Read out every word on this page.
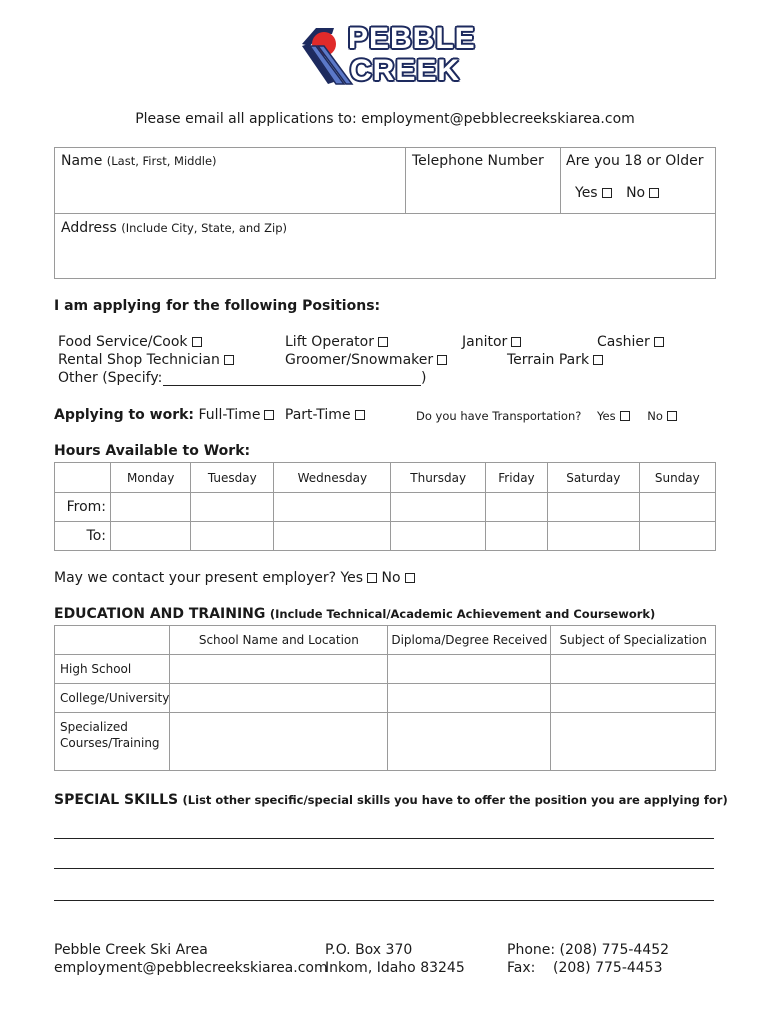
PEBBLE
CREEK
Please email all applications to: employment@pebblecreekskiarea.com
Name (Last, First, Middle)	Telephone Number	Are you 18 or Older
Yes No

Address (Include City, State, and Zip)
I am applying for the following Positions:
Food Service/Cook	Lift Operator	Janitor	Cashier
Rental Shop Technician	Groomer/Snowmaker	Terrain Park
Other (Specify:	)
Applying to work: Full-Time Part-Time	Do you have Transportation? Yes	No
Hours Available to Work:
	Monday	Tuesday	Wednesday	Thursday	Friday	Saturday	Sunday
From:							
To:							
May we contact your present employer? Yes No
EDUCATION AND TRAINING (Include Technical/Academic Achievement and Coursework)
	School Name and Location	Diploma/Degree Received	Subject of Specialization
High School			
College/University			
Specialized Courses/Training			
SPECIAL SKILLS (List other specific/special skills you have to offer the position you are applying for)
Pebble Creek Ski Area
employment@pebblecreekskiarea.com
P.O. Box 370
Inkom, Idaho 83245
Phone: (208) 775-4452
Fax: (208) 775-4453
